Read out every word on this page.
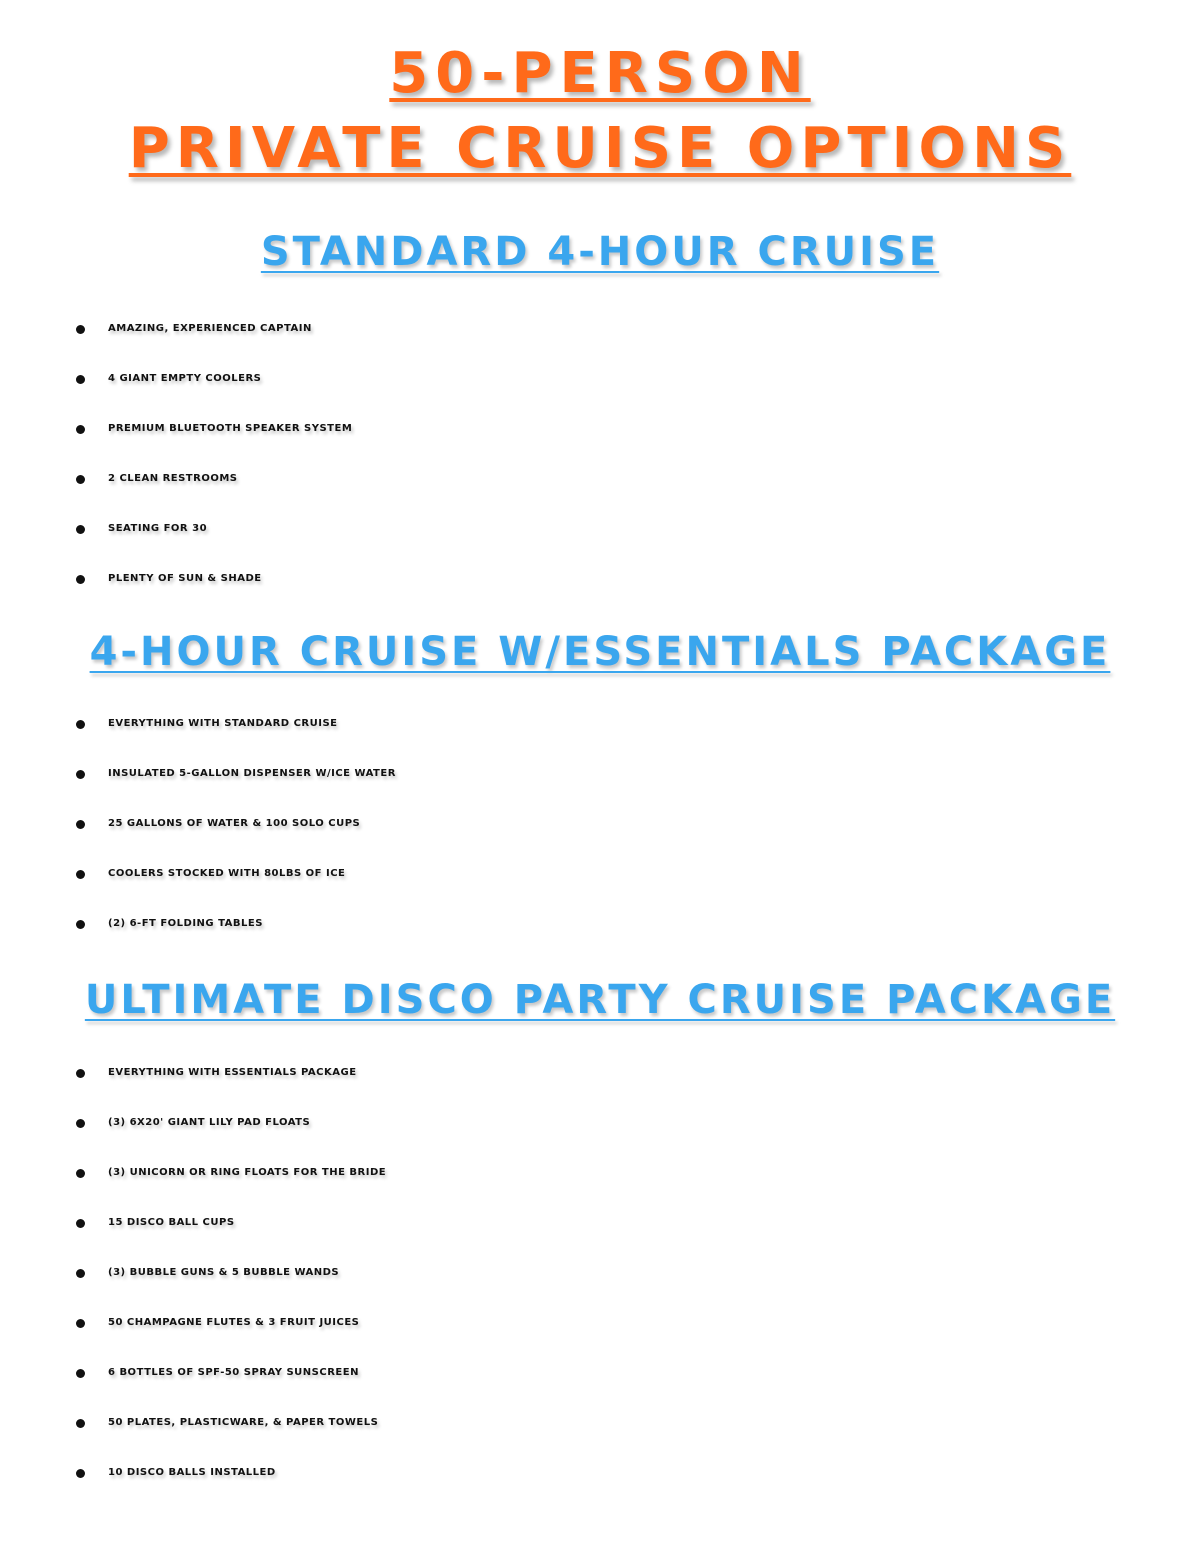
50-PERSON
PRIVATE CRUISE OPTIONS
STANDARD 4-HOUR CRUISE
AMAZING, EXPERIENCED CAPTAIN
4 GIANT EMPTY COOLERS
PREMIUM BLUETOOTH SPEAKER SYSTEM
2 CLEAN RESTROOMS
SEATING FOR 30
PLENTY OF SUN & SHADE
4-HOUR CRUISE W/ESSENTIALS PACKAGE
EVERYTHING WITH STANDARD CRUISE
INSULATED 5-GALLON DISPENSER W/ICE WATER
25 GALLONS OF WATER & 100 SOLO CUPS
COOLERS STOCKED WITH 80LBS OF ICE
(2) 6-FT FOLDING TABLES
ULTIMATE DISCO PARTY CRUISE PACKAGE
EVERYTHING WITH ESSENTIALS PACKAGE
(3) 6X20' GIANT LILY PAD FLOATS
(3) UNICORN OR RING FLOATS FOR THE BRIDE
15 DISCO BALL CUPS
(3) BUBBLE GUNS & 5 BUBBLE WANDS
50 CHAMPAGNE FLUTES & 3 FRUIT JUICES
6 BOTTLES OF SPF-50 SPRAY SUNSCREEN
50 PLATES, PLASTICWARE, & PAPER TOWELS
10 DISCO BALLS INSTALLED
